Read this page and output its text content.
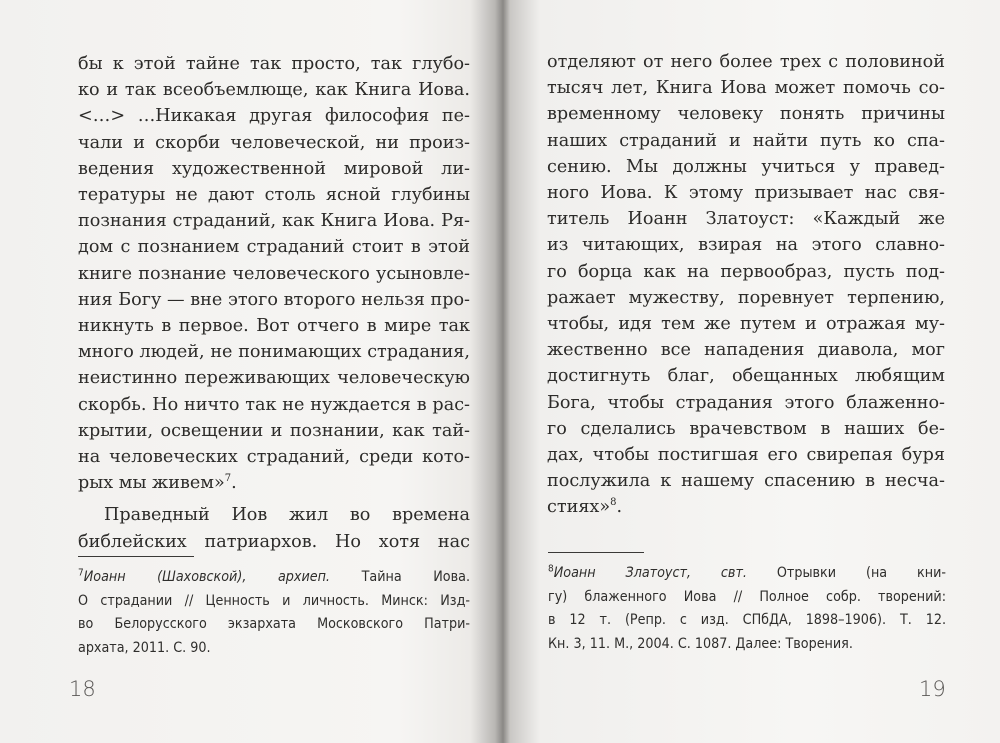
бы к этой тайне так просто, так глубо-
ко и так всеобъемлюще, как Книга Иова.
<…> …Никакая другая философия пе-
чали и скорби человеческой, ни произ-
ведения художественной мировой ли-
тературы не дают столь ясной глубины
познания страданий, как Книга Иова. Ря-
дом с познанием страданий стоит в этой
книге познание человеческого усыновле-
ния Богу — вне этого второго нельзя про-
никнуть в первое. Вот отчего в мире так
много людей, не понимающих страдания,
неистинно переживающих человеческую
скорбь. Но ничто так не нуждается в рас-
крытии, освещении и познании, как тай-
на человеческих страданий, среди кото-
рых мы живем»$^7$.
Праведный Иов жил во времена
библейских патриархов. Но хотя нас
$^7$Иоанн (Шаховской), архиеп. Тайна Иова.
О страдании // Ценность и личность. Минск: Изд-
во Белорусского экзархата Московского Патри-
архата, 2011. С. 90.
18
отделяют от него более трех с половиной
тысяч лет, Книга Иова может помочь со-
временному человеку понять причины
наших страданий и найти путь ко спа-
сению. Мы должны учиться у правед-
ного Иова. К этому призывает нас свя-
титель Иоанн Златоуст: «Каждый же
из читающих, взирая на этого славно-
го борца как на первообраз, пусть под-
ражает мужеству, поревнует терпению,
чтобы, идя тем же путем и отражая му-
жественно все нападения диавола, мог
достигнуть благ, обещанных любящим
Бога, чтобы страдания этого блаженно-
го сделались врачевством в наших бе-
дах, чтобы постигшая его свирепая буря
послужила к нашему спасению в несча-
стиях»$^8$.
$^8$Иоанн Златоуст, свт. Отрывки (на кни-
гу) блаженного Иова // Полное собр. творений:
в 12 т. (Репр. с изд. СПбДА, 1898–1906). Т. 12.
Кн. 3, 11. М., 2004. С. 1087. Далее: Творения.
19
